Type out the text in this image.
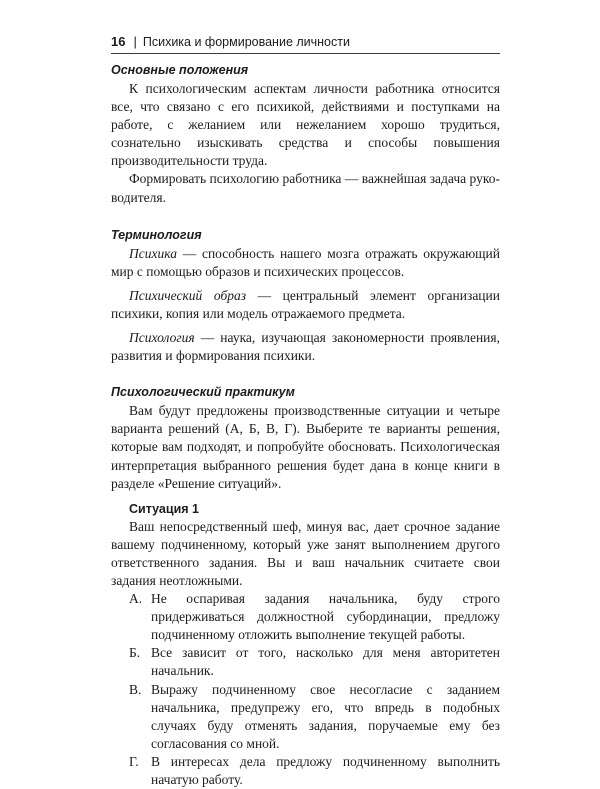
16 | Психика и формирование личности
Основные положения

К психологическим аспектам личности работника относится все, что связано с его психикой, действиями и поступками на работе, с желанием или нежеланием хорошо трудиться, сознательно изыскивать средства и способы повышения производительности труда.

Формировать психологию работника — важнейшая задача руководителя.

Терминология

Психика — способность нашего мозга отражать окружающий мир с помощью образов и психических процессов.

Психический образ — центральный элемент организации психики, копия или модель отражаемого предмета.

Психология — наука, изучающая закономерности проявления, развития и формирования психики.

Психологический практикум

Вам будут предложены производственные ситуации и четыре варианта решений (А, Б, В, Г). Выберите те варианты решения, которые вам подходят, и попробуйте обосновать. Психологическая интерпретация выбранного решения будет дана в конце книги в разделе «Решение ситуаций».

Ситуация 1

Ваш непосредственный шеф, минуя вас, дает срочное задание вашему подчиненному, который уже занят выполнением другого ответственного задания. Вы и ваш начальник считаете свои задания неотложными.

А. Не оспаривая задания начальника, буду строго придерживаться должностной субординации, предложу подчиненному отложить выполнение текущей работы.
Б. Все зависит от того, насколько для меня авторитетен начальник.
В. Выражу подчиненному свое несогласие с заданием начальника, предупрежу его, что впредь в подобных случаях буду отменять задания, поручаемые ему без согласования со мной.
Г. В интересах дела предложу подчиненному выполнить начатую работу.
